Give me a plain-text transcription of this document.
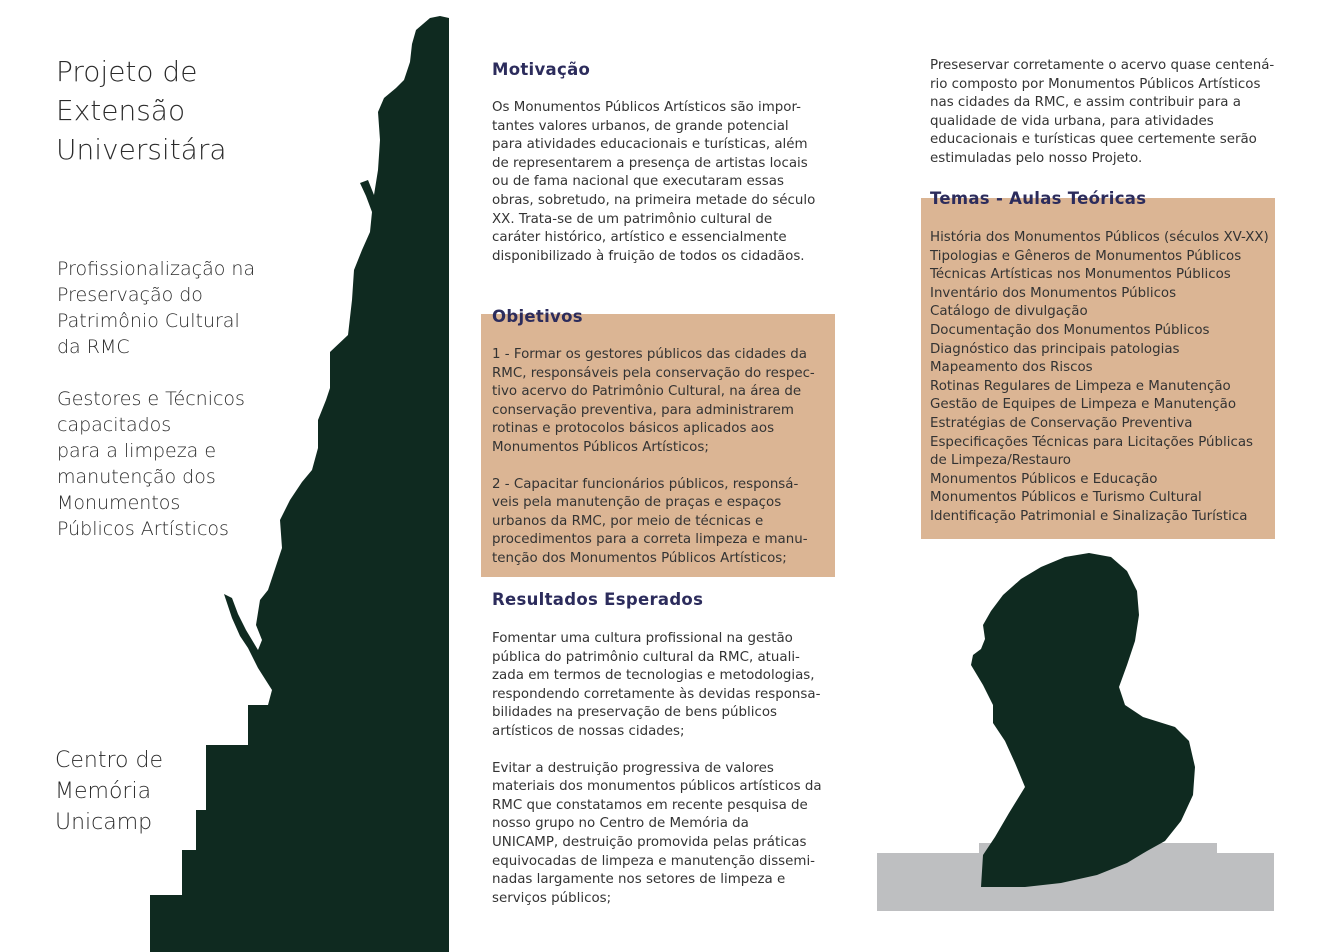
Projeto de
Extensão
Universitára
Profissionalização na
Preservação do
Patrimônio Cultural
da RMC
Gestores e Técnicos
capacitados
para a limpeza e
manutenção dos
Monumentos
Públicos Artísticos
Centro de
Memória
Unicamp
Motivação
Os Monumentos Públicos Artísticos são impor-
tantes valores urbanos, de grande potencial
para atividades educacionais e turísticas, além
de representarem a presença de artistas locais
ou de fama nacional que executaram essas
obras, sobretudo, na primeira metade do século
XX. Trata-se de um patrimônio cultural de
caráter histórico, artístico e essencialmente
disponibilizado à fruição de todos os cidadãos.
Objetivos
1 - Formar os gestores públicos das cidades da
RMC, responsáveis pela conservação do respec-
tivo acervo do Patrimônio Cultural, na área de
conservação preventiva, para administrarem
rotinas e protocolos básicos aplicados aos
Monumentos Públicos Artísticos;
2 - Capacitar funcionários públicos, responsá-
veis pela manutenção de praças e espaços
urbanos da RMC, por meio de técnicas e
procedimentos para a correta limpeza e manu-
tenção dos Monumentos Públicos Artísticos;
Resultados Esperados
Fomentar uma cultura profissional na gestão
pública do patrimônio cultural da RMC, atuali-
zada em termos de tecnologias e metodologias,
respondendo corretamente às devidas responsa-
bilidades na preservação de bens públicos
artísticos de nossas cidades;
Evitar a destruição progressiva de valores
materiais dos monumentos públicos artísticos da
RMC que constatamos em recente pesquisa de
nosso grupo no Centro de Memória da
UNICAMP, destruição promovida pelas práticas
equivocadas de limpeza e manutenção dissemi-
nadas largamente nos setores de limpeza e
serviços públicos;
Preseservar corretamente o acervo quase centená-
rio composto por Monumentos Públicos Artísticos
nas cidades da RMC, e assim contribuir para a
qualidade de vida urbana, para atividades
educacionais e turísticas quee certemente serão
estimuladas pelo nosso Projeto.
Temas - Aulas Teóricas
História dos Monumentos Públicos (séculos XV-XX)
Tipologias e Gêneros de Monumentos Públicos
Técnicas Artísticas nos Monumentos Públicos
Inventário dos Monumentos Públicos
Catálogo de divulgação
Documentação dos Monumentos Públicos
Diagnóstico das principais patologias
Mapeamento dos Riscos
Rotinas Regulares de Limpeza e Manutenção
Gestão de Equipes de Limpeza e Manutenção
Estratégias de Conservação Preventiva
Especificações Técnicas para Licitações Públicas
de Limpeza/Restauro
Monumentos Públicos e Educação
Monumentos Públicos e Turismo Cultural
Identificação Patrimonial e Sinalização Turística
